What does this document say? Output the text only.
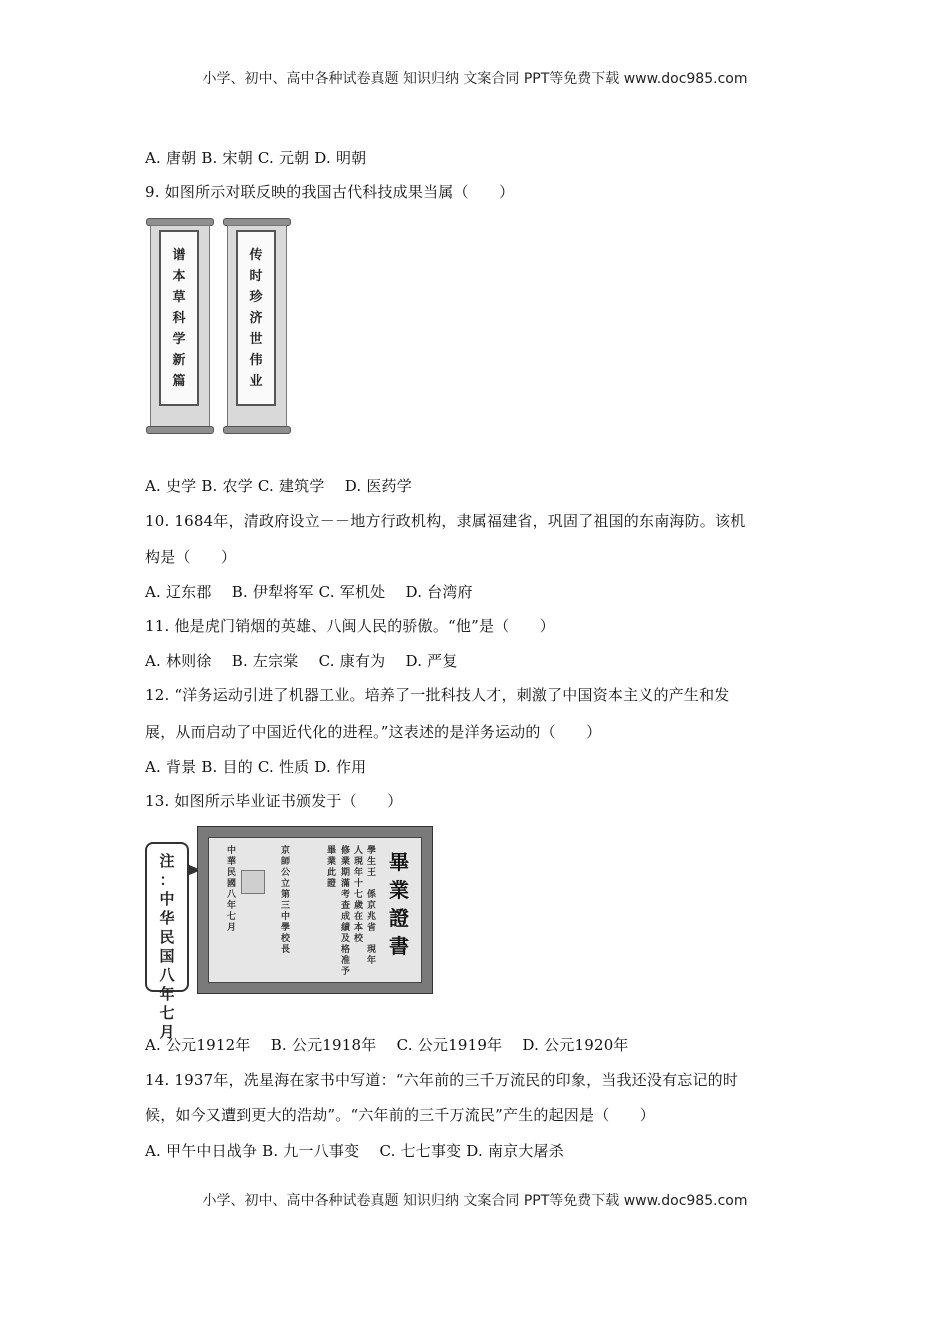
小学、初中、高中各种试卷真题 知识归纳 文案合同 PPT等免费下载 www.doc985.com
A. 唐朝 B. 宋朝 C. 元朝 D. 明朝
9. 如图所示对联反映的我国古代科技成果当属（　　）
谱
本
草
科
学
新
篇
传
时
珍
济
世
伟
业
A. 史学 B. 农学 C. 建筑学　 D. 医药学
10. 1684年，清政府设立－－地方行政机构，隶属福建省，巩固了祖国的东南海防。该机
构是（　　）
A. 辽东郡　 B. 伊犁将军 C. 军机处　 D. 台湾府
11. 他是虎门销烟的英雄、八闽人民的骄傲。“他”是（　　）
A. 林则徐　 B. 左宗棠　 C. 康有为　 D. 严复
12. “洋务运动引进了机器工业。培养了一批科技人才，刺激了中国资本主义的产生和发
展，从而启动了中国近代化的进程。”这表述的是洋务运动的（　　）
A. 背景 B. 目的 C. 性质 D. 作用
13. 如图所示毕业证书颁发于（　　）
注
：
中
华
民
国
八
年
七
月
畢
業
證
書
學
生
王

係
京
兆
省

現
年
人
現
年
十
七
歲
在
本
校
修
業
期
滿
考
查
成
績
及
格
准
予
畢
業
此
證
京
師
公
立
第
三
中
學
校
長
中
華
民
國
八
年
七
月
A. 公元1912年　 B. 公元1918年　 C. 公元1919年　 D. 公元1920年
14. 1937年，冼星海在家书中写道：“六年前的三千万流民的印象，当我还没有忘记的时
候，如今又遭到更大的浩劫”。“六年前的三千万流民”产生的起因是（　　）
A. 甲午中日战争 B. 九一八事变　 C. 七七事变 D. 南京大屠杀
小学、初中、高中各种试卷真题 知识归纳 文案合同 PPT等免费下载 www.doc985.com
